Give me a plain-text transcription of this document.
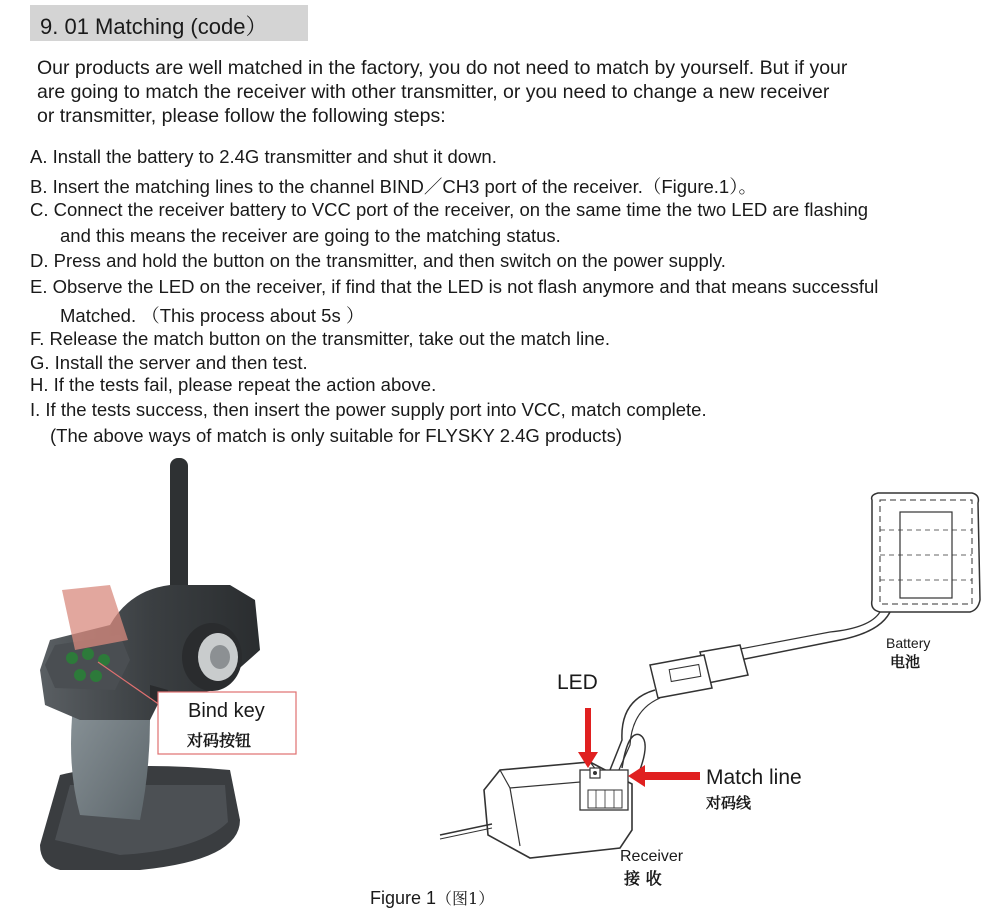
9. 01 Matching (code）
Our products are well matched in the factory, you do not need to match by yourself. But if your
are going to match the receiver with other transmitter, or you need to change a new receiver
or transmitter, please follow the following steps:
A. Install the battery to 2.4G transmitter and shut it down.
B. Insert the matching lines to the channel BIND／CH3 port of the receiver.（Figure.1）。
C. Connect the receiver battery to VCC port of the receiver, on the same time the two LED are flashing
and this means the receiver are going to the matching status.
D. Press and hold the button on the transmitter, and then switch on the power supply.
E. Observe the LED on the receiver, if find that the LED is not flash anymore and that means successful
Matched. （This process about 5s ）
F. Release the match button on the transmitter, take out the match line.
G. Install the server and then test.
H. If the tests fail, please repeat the action above.
I. If the tests success, then insert the power supply port into VCC, match complete.
(The above ways of match is only suitable for FLYSKY 2.4G products)
Bind key
对码按钮
LED
Match line
对码线
Battery
电池
Receiver
接 收
Figure 1（图1）
